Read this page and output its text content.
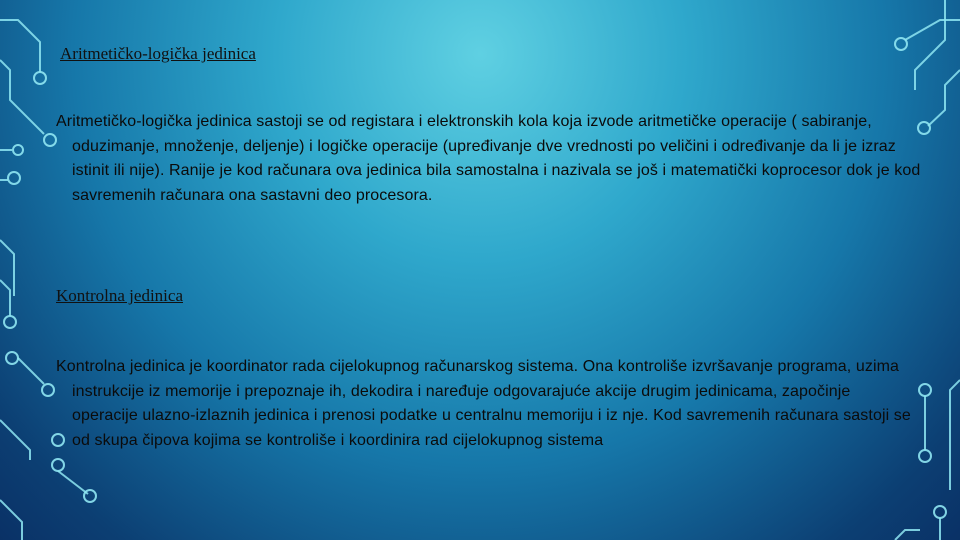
Aritmetičko-logička jedinica
Aritmetičko-logička jedinica sastoji se od registara i elektronskih kola koja izvode aritmetičke operacije ( sabiranje, oduzimanje, množenje, deljenje) i logičke operacije (upređivanje dve vrednosti po veličini i određivanje da li je izraz istinit ili nije). Ranije je kod računara ova jedinica bila samostalna i nazivala se još i matematički koprocesor dok je kod savremenih računara ona sastavni deo procesora.
Kontrolna jedinica
Kontrolna jedinica je koordinator rada cijelokupnog računarskog sistema. Ona kontroliše izvršavanje programa, uzima instrukcije iz memorije i prepoznaje ih, dekodira i naređuje odgovarajuće akcije drugim jedinicama, započinje operacije ulazno-izlaznih jedinica i prenosi podatke u centralnu memoriju i iz nje. Kod savremenih računara sastoji se od skupa čipova kojima se kontroliše i koordinira rad cijelokupnog sistema
